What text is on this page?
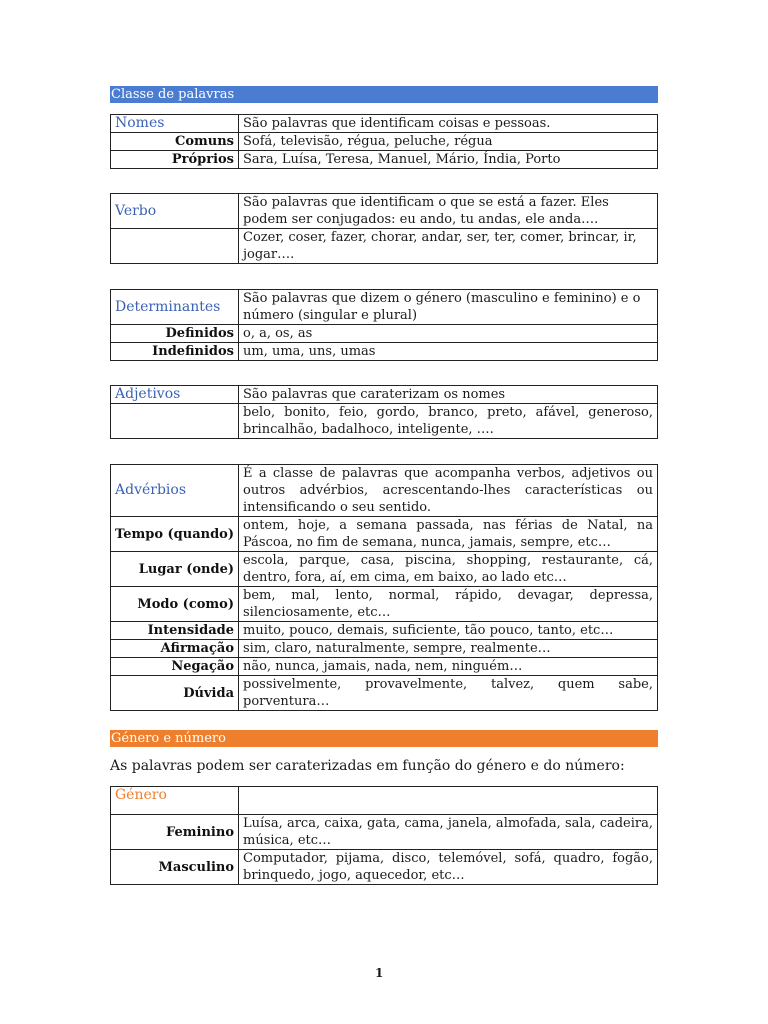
Classe de palavras
Nomes	São palavras que identificam coisas e pessoas.
Comuns	Sofá, televisão, régua, peluche, régua
Próprios	Sara, Luísa, Teresa, Manuel, Mário, Índia, Porto
Verbo	São palavras que identificam o que se está a fazer. Eles podem ser conjugados: eu ando, tu andas, ele anda….
	Cozer, coser, fazer, chorar, andar, ser, ter, comer, brincar, ir, jogar….
Determinantes	São palavras que dizem o género (masculino e feminino) e o número (singular e plural)
Definidos	o, a, os, as
Indefinidos	um, uma, uns, umas
Adjetivos	São palavras que caraterizam os nomes
	belo, bonito, feio, gordo, branco, preto, afável, generoso, brincalhão, badalhoco, inteligente, ….
Advérbios	É a classe de palavras que acompanha verbos, adjetivos ou outros advérbios, acrescentando-lhes características ou intensificando o seu sentido.
Tempo (quando)	ontem, hoje, a semana passada, nas férias de Natal, na Páscoa, no fim de semana, nunca, jamais, sempre, etc…
Lugar (onde)	escola, parque, casa, piscina, shopping, restaurante, cá, dentro, fora, aí, em cima, em baixo, ao lado etc…
Modo (como)	bem, mal, lento, normal, rápido, devagar, depressa, silenciosamente, etc…
Intensidade	muito, pouco, demais, suficiente, tão pouco, tanto, etc…
Afirmação	sim, claro, naturalmente, sempre, realmente…
Negação	não, nunca, jamais, nada, nem, ninguém…
Dúvida	possivelmente, provavelmente, talvez, quem sabe, porventura…
Género e número
As palavras podem ser caraterizadas em função do género e do número:
Género	
Feminino	Luísa, arca, caixa, gata, cama, janela, almofada, sala, cadeira, música, etc…
Masculino	Computador, pijama, disco, telemóvel, sofá, quadro, fogão, brinquedo, jogo, aquecedor, etc…
1
